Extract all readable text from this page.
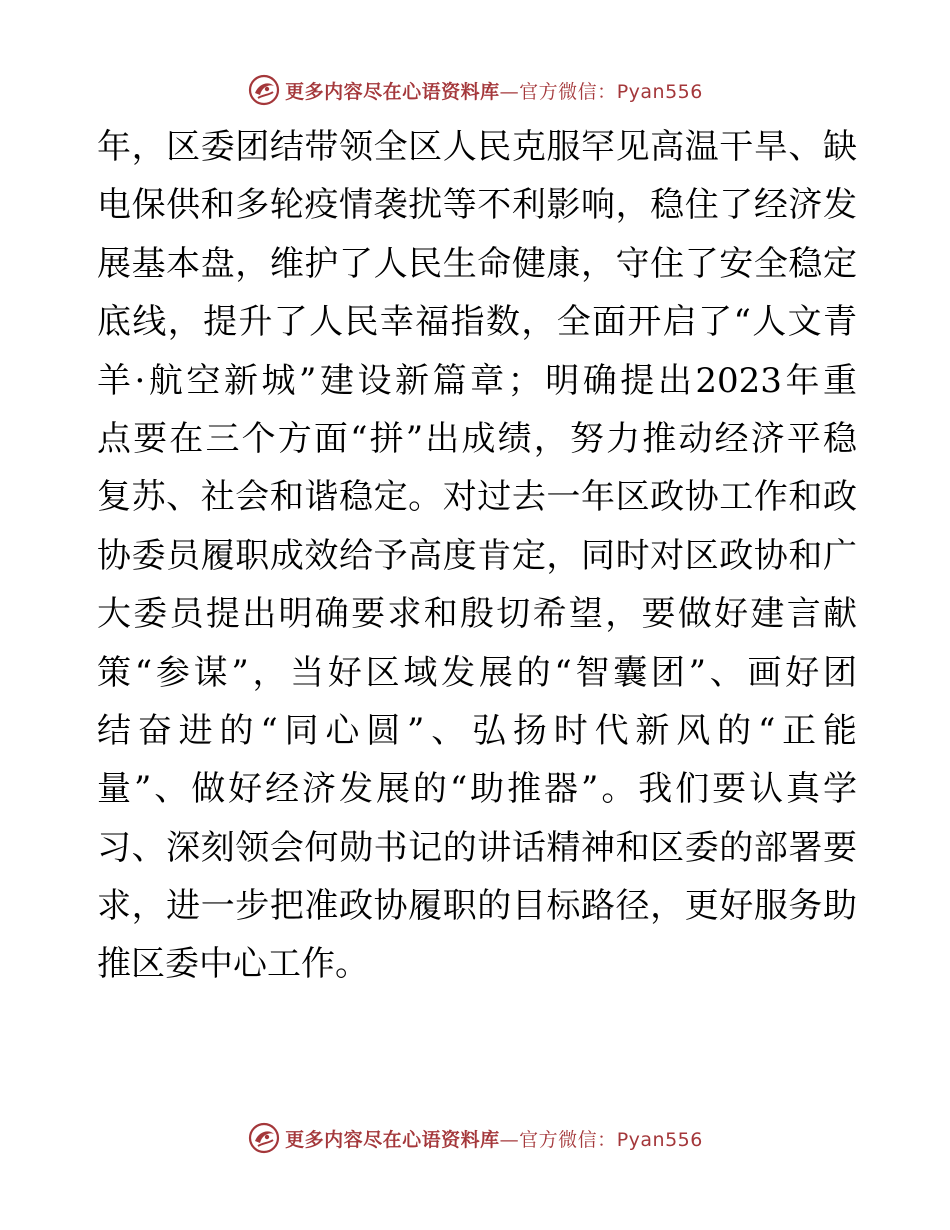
更多内容尽在心语资料库—官方微信：Pyan556
年，区委团结带领全区人民克服罕见高温干旱、缺
电保供和多轮疫情袭扰等不利影响，稳住了经济发
展基本盘，维护了人民生命健康，守住了安全稳定
底线，提升了人民幸福指数，全面开启了“人文青
羊·航空新城”建设新篇章；明确提出2023年重
点要在三个方面“拼”出成绩，努力推动经济平稳
复苏、社会和谐稳定。对过去一年区政协工作和政
协委员履职成效给予高度肯定，同时对区政协和广
大委员提出明确要求和殷切希望，要做好建言献
策“参谋”，当好区域发展的“智囊团”、画好团
结奋进的“同心圆”、弘扬时代新风的“正能
量”、做好经济发展的“助推器”。我们要认真学
习、深刻领会何勋书记的讲话精神和区委的部署要
求，进一步把准政协履职的目标路径，更好服务助
推区委中心工作。
更多内容尽在心语资料库—官方微信：Pyan556
